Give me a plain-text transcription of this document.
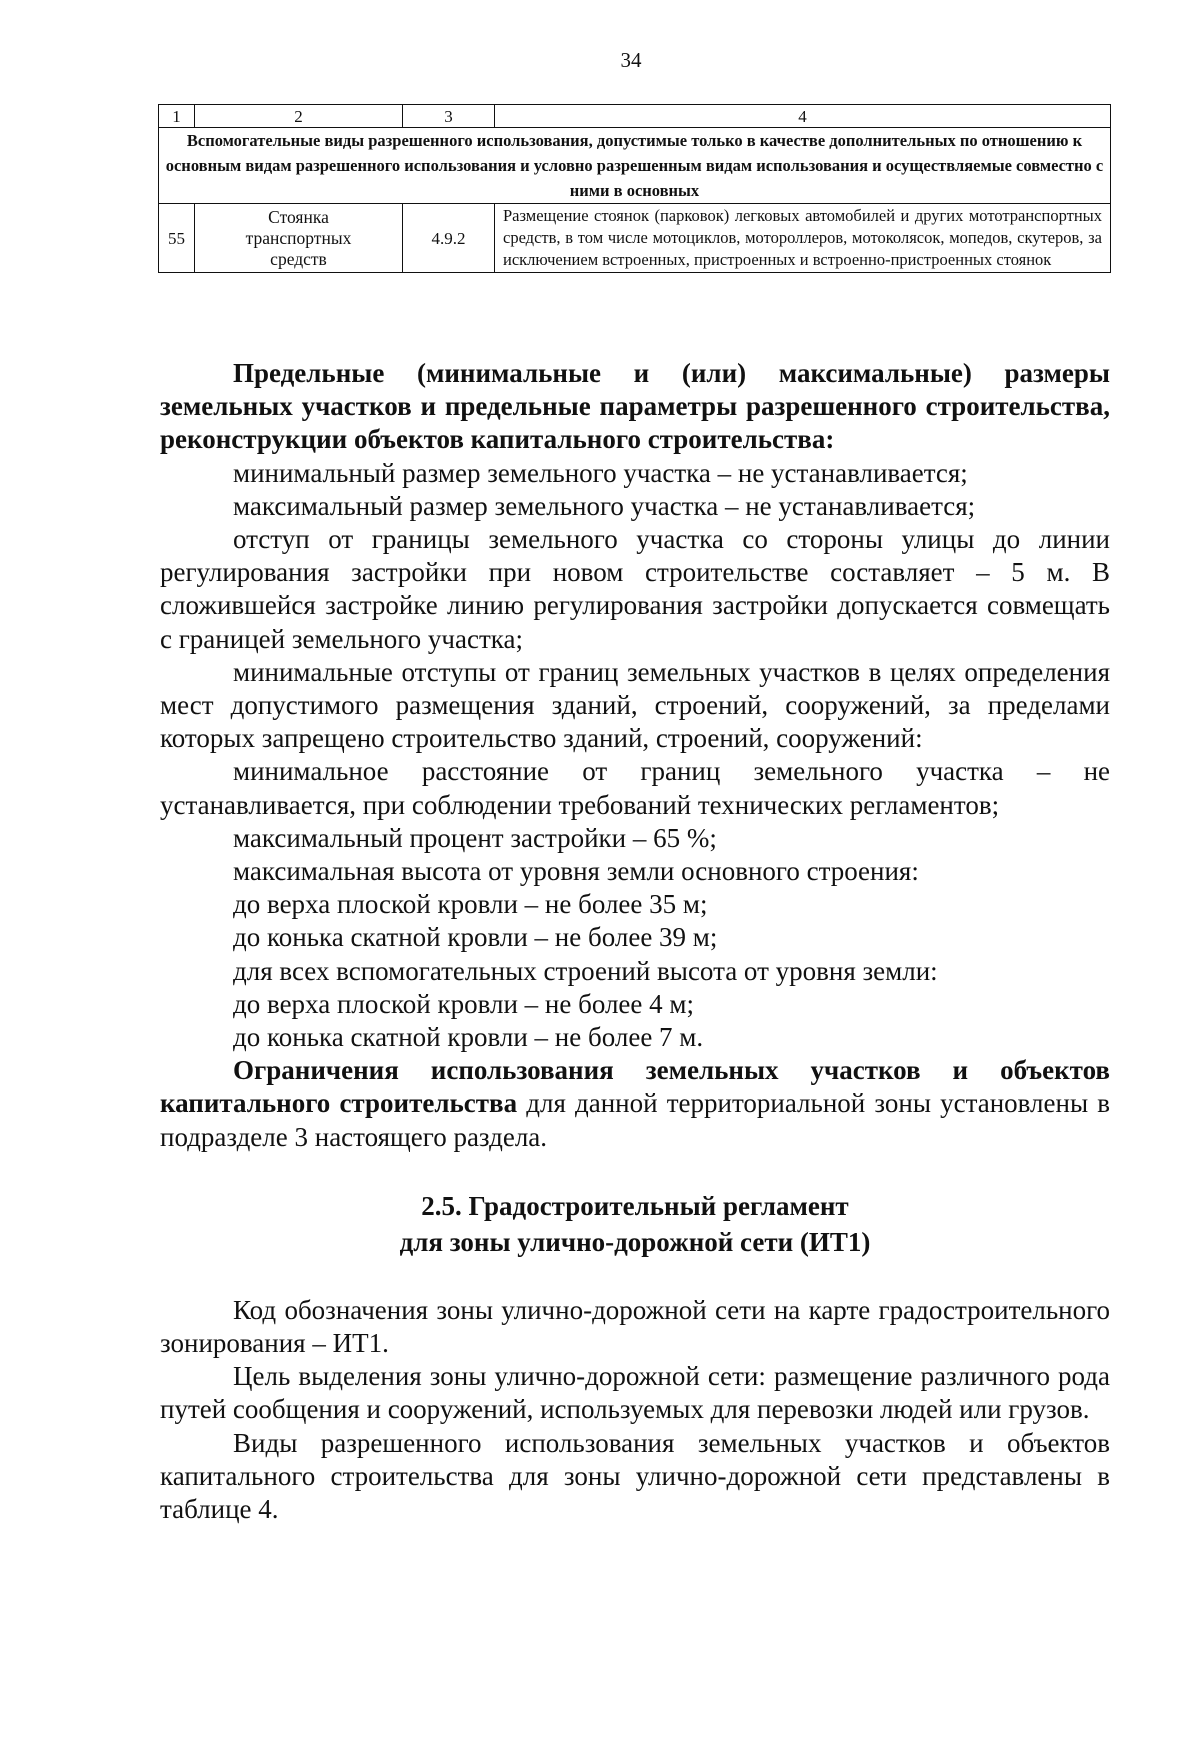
34
1	2	3	4
Вспомогательные виды разрешенного использования, допустимые только в качестве дополнительных по отношению к основным видам разрешенного использования и условно разрешенным видам использования и осуществляемые совместно с ними в основных			
55	Стоянка транспортных средств	4.9.2	Размещение стоянок (парковок) легковых автомобилей и других мототранспортных средств, в том числе мотоциклов, мотороллеров, мотоколясок, мопедов, скутеров, за исключением встроенных, пристроенных и встроенно-пристроенных стоянок

Предельные (минимальные и (или) максимальные) размеры земельных участков и предельные параметры разрешенного строительства, реконструкции объектов капитального строительства:

минимальный размер земельного участка – не устанавливается;

максимальный размер земельного участка – не устанавливается;

отступ от границы земельного участка со стороны улицы до линии регулирования застройки при новом строительстве составляет – 5 м. В сложившейся застройке линию регулирования застройки допускается совмещать с границей земельного участка;

минимальные отступы от границ земельных участков в целях определения мест допустимого размещения зданий, строений, сооружений, за пределами которых запрещено строительство зданий, строений, сооружений:

минимальное расстояние от границ земельного участка – не устанавливается, при соблюдении требований технических регламентов;

максимальный процент застройки – 65 %;

максимальная высота от уровня земли основного строения:

до верха плоской кровли – не более 35 м;

до конька скатной кровли – не более 39 м;

для всех вспомогательных строений высота от уровня земли:

до верха плоской кровли – не более 4 м;

до конька скатной кровли – не более 7 м.

Ограничения использования земельных участков и объектов капитального строительства для данной территориальной зоны установлены в подразделе 3 настоящего раздела.

2.5. Градостроительный регламент

для зоны улично-дорожной сети (ИТ1)

Код обозначения зоны улично-дорожной сети на карте градостроительного зонирования – ИТ1.

Цель выделения зоны улично-дорожной сети: размещение различного рода путей сообщения и сооружений, используемых для перевозки людей или грузов.

Виды разрешенного использования земельных участков и объектов капитального строительства для зоны улично-дорожной сети представлены в таблице 4.
